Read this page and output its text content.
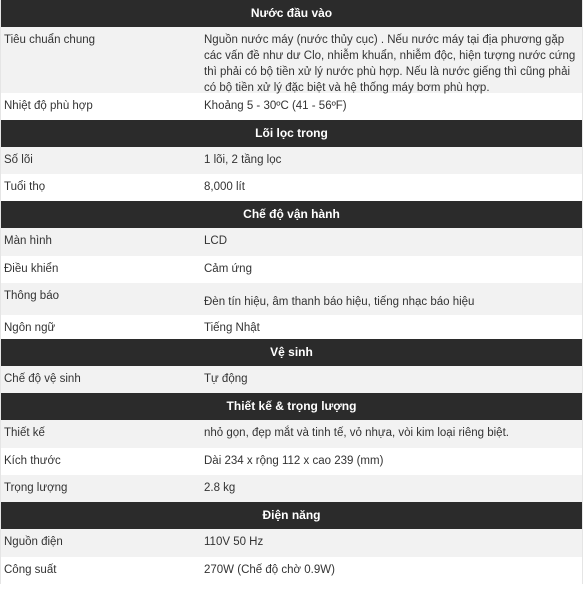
Nước đầu vào
Tiêu chuẩn chung	Nguồn nước máy (nước thủy cục) . Nếu nước máy tại địa phương gặp các vấn đề như dư Clo, nhiễm khuẩn, nhiễm độc, hiện tượng nước cứng thì phải có bộ tiền xử lý nước phù hợp. Nếu là nước giếng thì cũng phải có bộ tiền xử lý đặc biệt và hệ thống máy bơm phù hợp.
Nhiệt độ phù hợp	Khoảng 5 - 30ºC (41 - 56ºF)
Lõi lọc trong
Số lõi	1 lõi, 2 tầng lọc
Tuổi thọ	8,000 lít
Chế độ vận hành
Màn hình	LCD
Điều khiển	Cảm ứng
Thông báo	Đèn tín hiệu, âm thanh báo hiệu, tiếng nhạc báo hiệu
Ngôn ngữ	Tiếng Nhật
Vệ sinh
Chế độ vệ sinh	Tự động
Thiết kế & trọng lượng
Thiết kế	nhỏ gọn, đẹp mắt và tinh tế, vỏ nhựa, vòi kim loại riêng biệt.
Kích thước	Dài 234 x rộng 112 x cao 239 (mm)
Trọng lượng	2.8 kg
Điện năng
Nguồn điện	110V 50 Hz
Công suất	270W (Chế độ chờ 0.9W)
